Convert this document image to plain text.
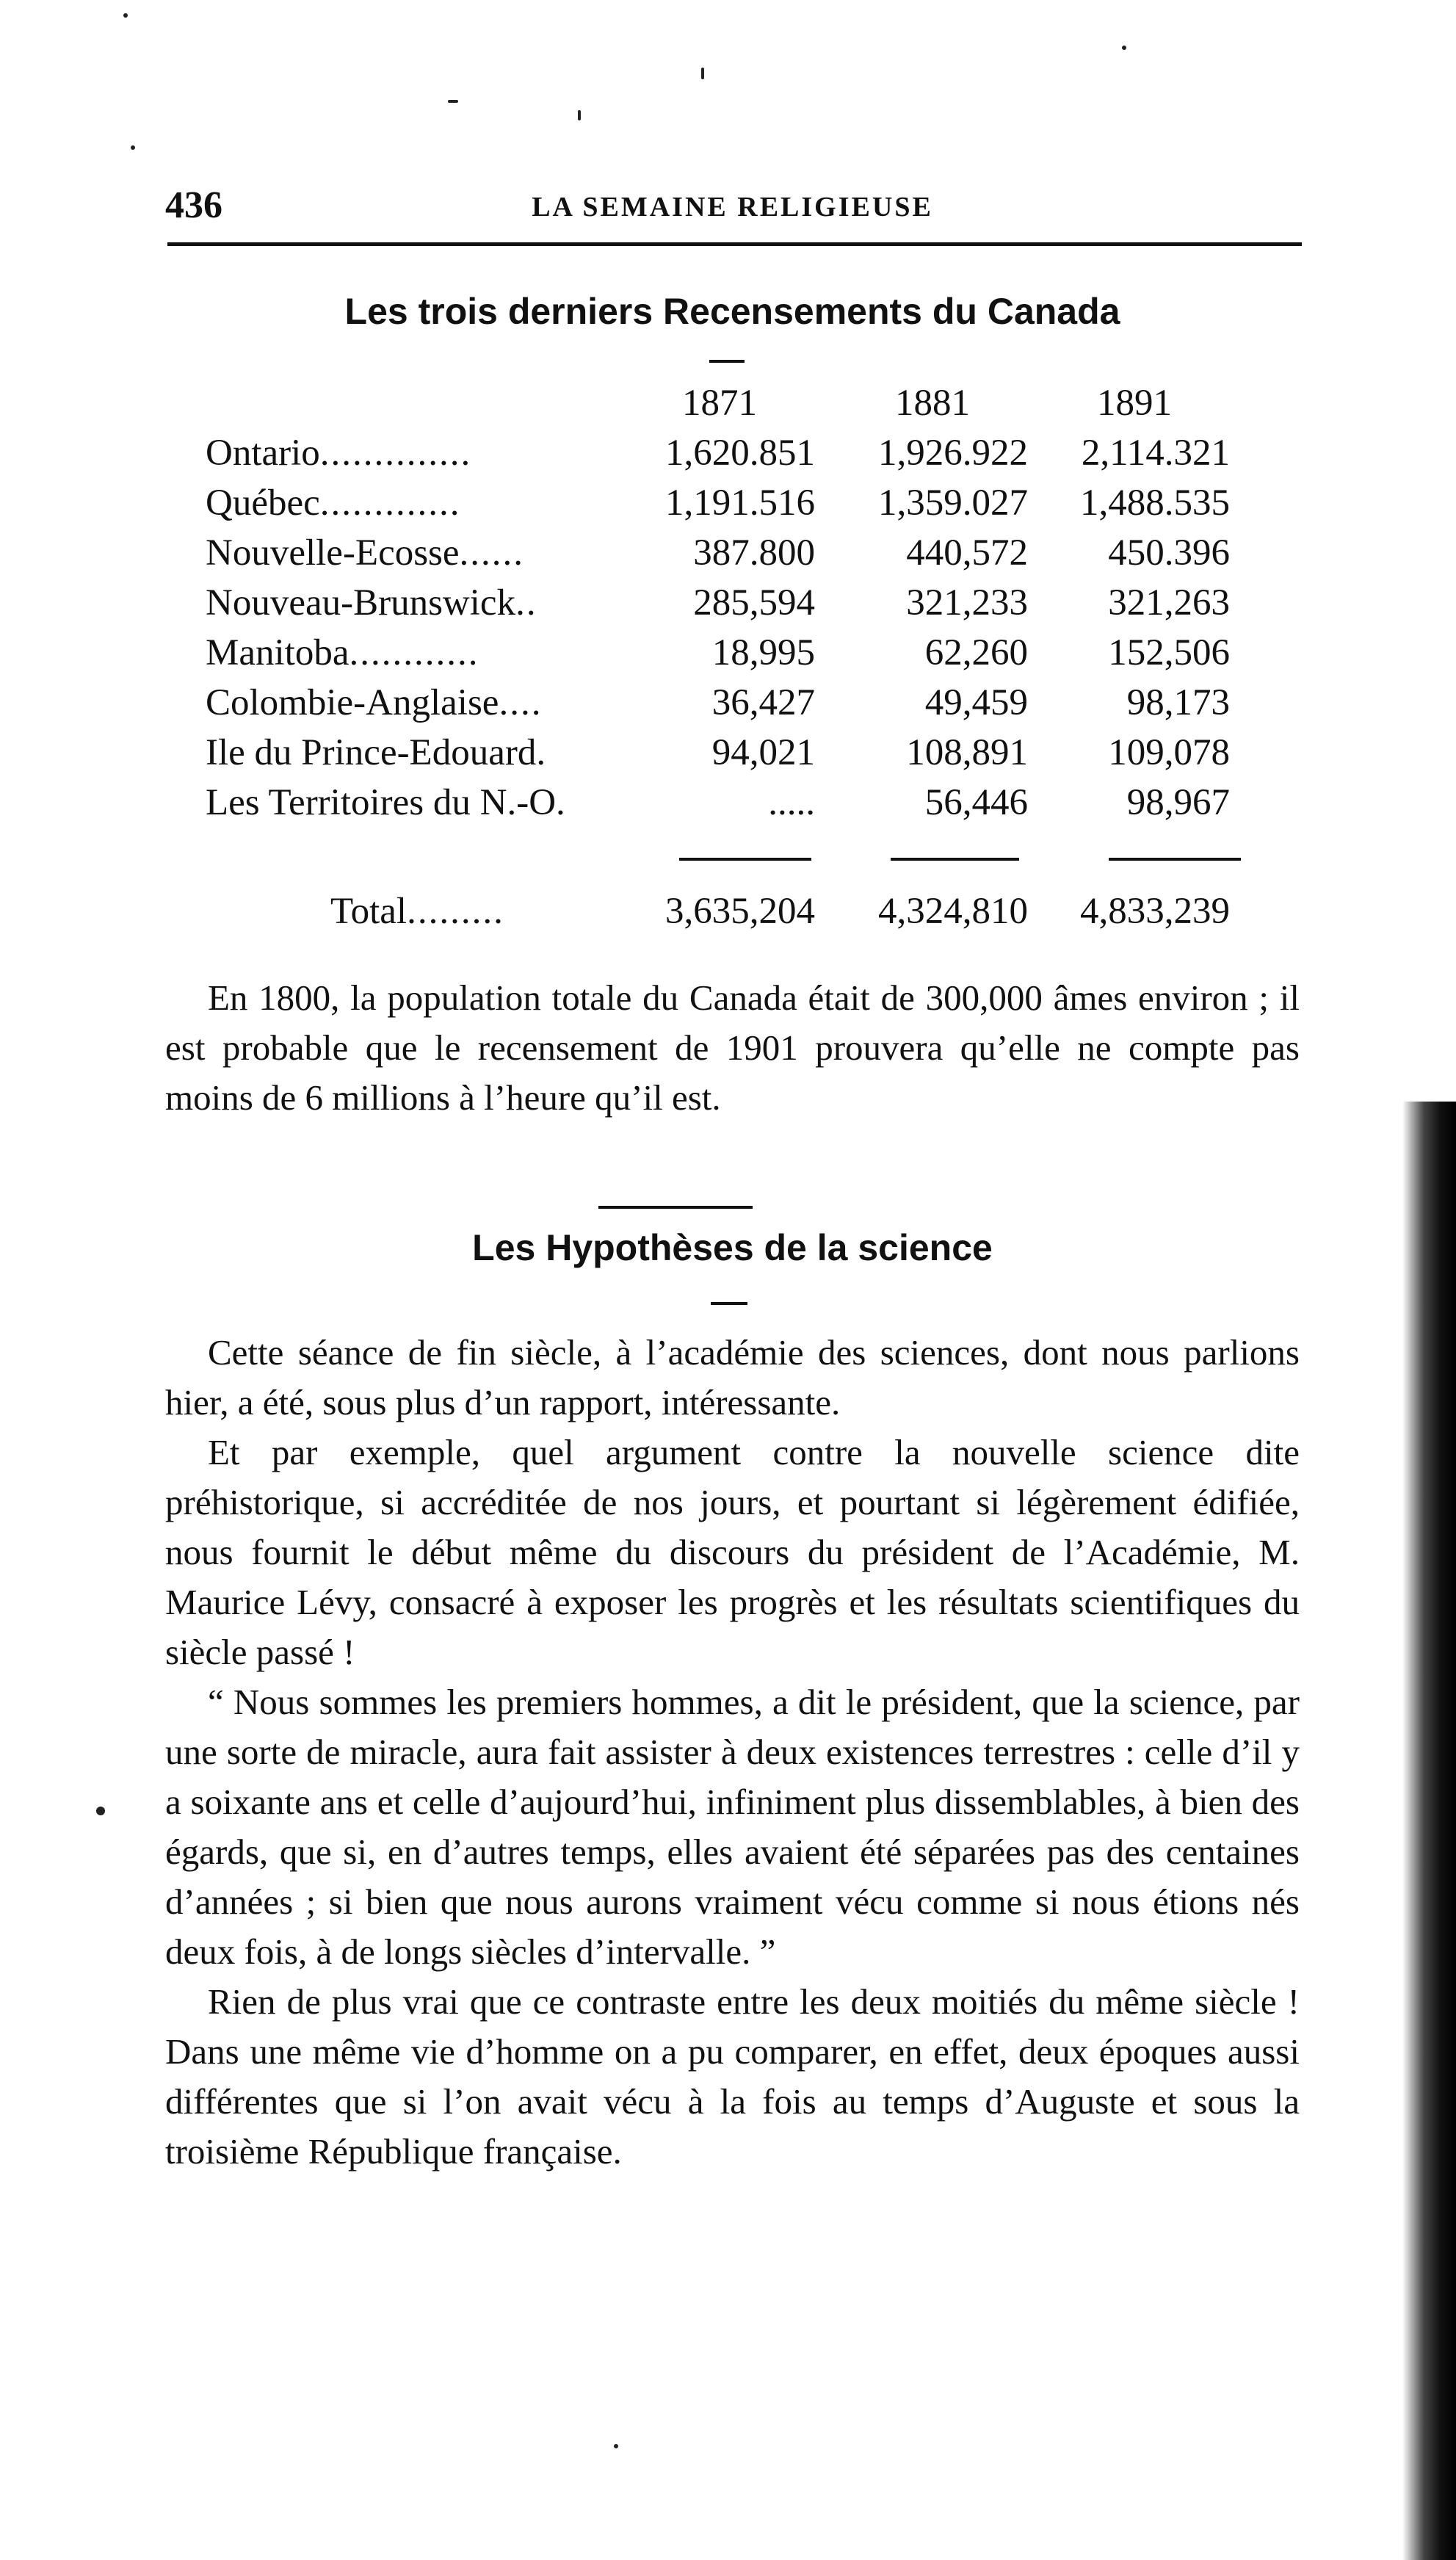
436	LA SEMAINE RELIGIEUSE
Les trois derniers Recensements du Canada
1871	1881	1891
Ontario..............	1,620.851	1,926.922	2,114.321
Québec.............	1,191.516	1,359.027	1,488.535
Nouvelle-Ecosse......	387.800	440,572	450.396
Nouveau-Brunswick..	285,594	321,233	321,263
Manitoba............	18,995	62,260	152,506
Colombie-Anglaise....	36,427	49,459	98,173
Ile du Prince-Edouard.	94,021	108,891	109,078
Les Territoires du N.-O.	.....	56,446	98,967
Total.........	3,635,204	4,324,810	4,833,239

En 1800, la population totale du Canada était de 300,000 âmes environ ; il est probable que le recensement de 1901 prouvera qu’elle ne compte pas moins de 6 millions à l’heure qu’il est.

Les Hypothèses de la science

Cette séance de fin siècle, à l’académie des sciences, dont nous parlions hier, a été, sous plus d’un rapport, intéressante.

Et par exemple, quel argument contre la nouvelle science dite préhistorique, si accréditée de nos jours, et pourtant si légèrement édifiée, nous fournit le début même du discours du président de l’Académie, M. Maurice Lévy, consacré à exposer les progrès et les résultats scientifiques du siècle passé !

“ Nous sommes les premiers hommes, a dit le président, que la science, par une sorte de miracle, aura fait assister à deux existences terrestres : celle d’il y a soixante ans et celle d’aujourd’hui, infiniment plus dissemblables, à bien des égards, que si, en d’autres temps, elles avaient été séparées pas des centaines d’années ; si bien que nous aurons vraiment vécu comme si nous étions nés deux fois, à de longs siècles d’intervalle. ”

Rien de plus vrai que ce contraste entre les deux moitiés du même siècle ! Dans une même vie d’homme on a pu comparer, en effet, deux époques aussi différentes que si l’on avait vécu à la fois au temps d’Auguste et sous la troisième République française.
